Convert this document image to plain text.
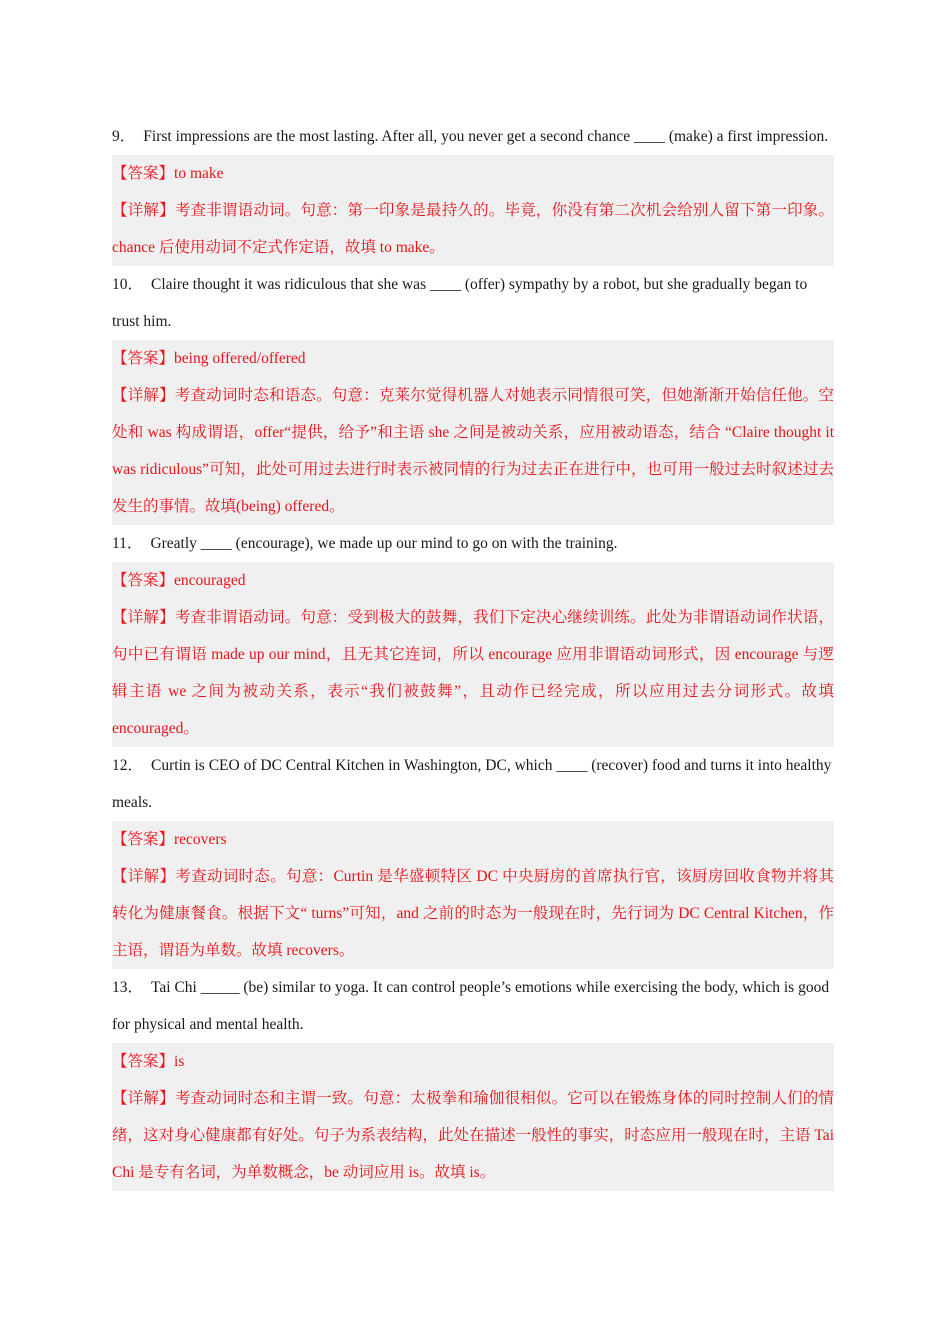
9． First impressions are the most lasting. After all, you never get a second chance ____ (make) a first impression.

【答案】to make

【详解】考查非谓语动词。句意：第一印象是最持久的。毕竟，你没有第二次机会给别人留下第一印象。chance 后使用动词不定式作定语，故填 to make。

10． Claire thought it was ridiculous that she was ____ (offer) sympathy by a robot, but she gradually began to trust him.

【答案】being offered/offered

【详解】考查动词时态和语态。句意：克莱尔觉得机器人对她表示同情很可笑，但她渐渐开始信任他。空处和 was 构成谓语，offer“提供，给予”和主语 she 之间是被动关系，应用被动语态，结合 “Claire thought it was ridiculous”可知，此处可用过去进行时表示被同情的行为过去正在进行中，也可用一般过去时叙述过去发生的事情。故填(being) offered。

11． Greatly ____ (encourage), we made up our mind to go on with the training.

【答案】encouraged

【详解】考查非谓语动词。句意：受到极大的鼓舞，我们下定决心继续训练。此处为非谓语动词作状语，句中已有谓语 made up our mind，且无其它连词，所以 encourage 应用非谓语动词形式，因 encourage 与逻辑主语 we 之间为被动关系，表示“我们被鼓舞”，且动作已经完成，所以应用过去分词形式。故填 encouraged。

12． Curtin is CEO of DC Central Kitchen in Washington, DC, which ____ (recover) food and turns it into healthy meals.

【答案】recovers

【详解】考查动词时态。句意：Curtin 是华盛顿特区 DC 中央厨房的首席执行官，该厨房回收食物并将其转化为健康餐食。根据下文“ turns”可知，and 之前的时态为一般现在时，先行词为 DC Central Kitchen，作主语，谓语为单数。故填 recovers。

13． Tai Chi _____ (be) similar to yoga. It can control people’s emotions while exercising the body, which is good for physical and mental health.

【答案】is

【详解】考查动词时态和主谓一致。句意：太极拳和瑜伽很相似。它可以在锻炼身体的同时控制人们的情绪，这对身心健康都有好处。句子为系表结构，此处在描述一般性的事实，时态应用一般现在时，主语 Tai Chi 是专有名词，为单数概念，be 动词应用 is。故填 is。
